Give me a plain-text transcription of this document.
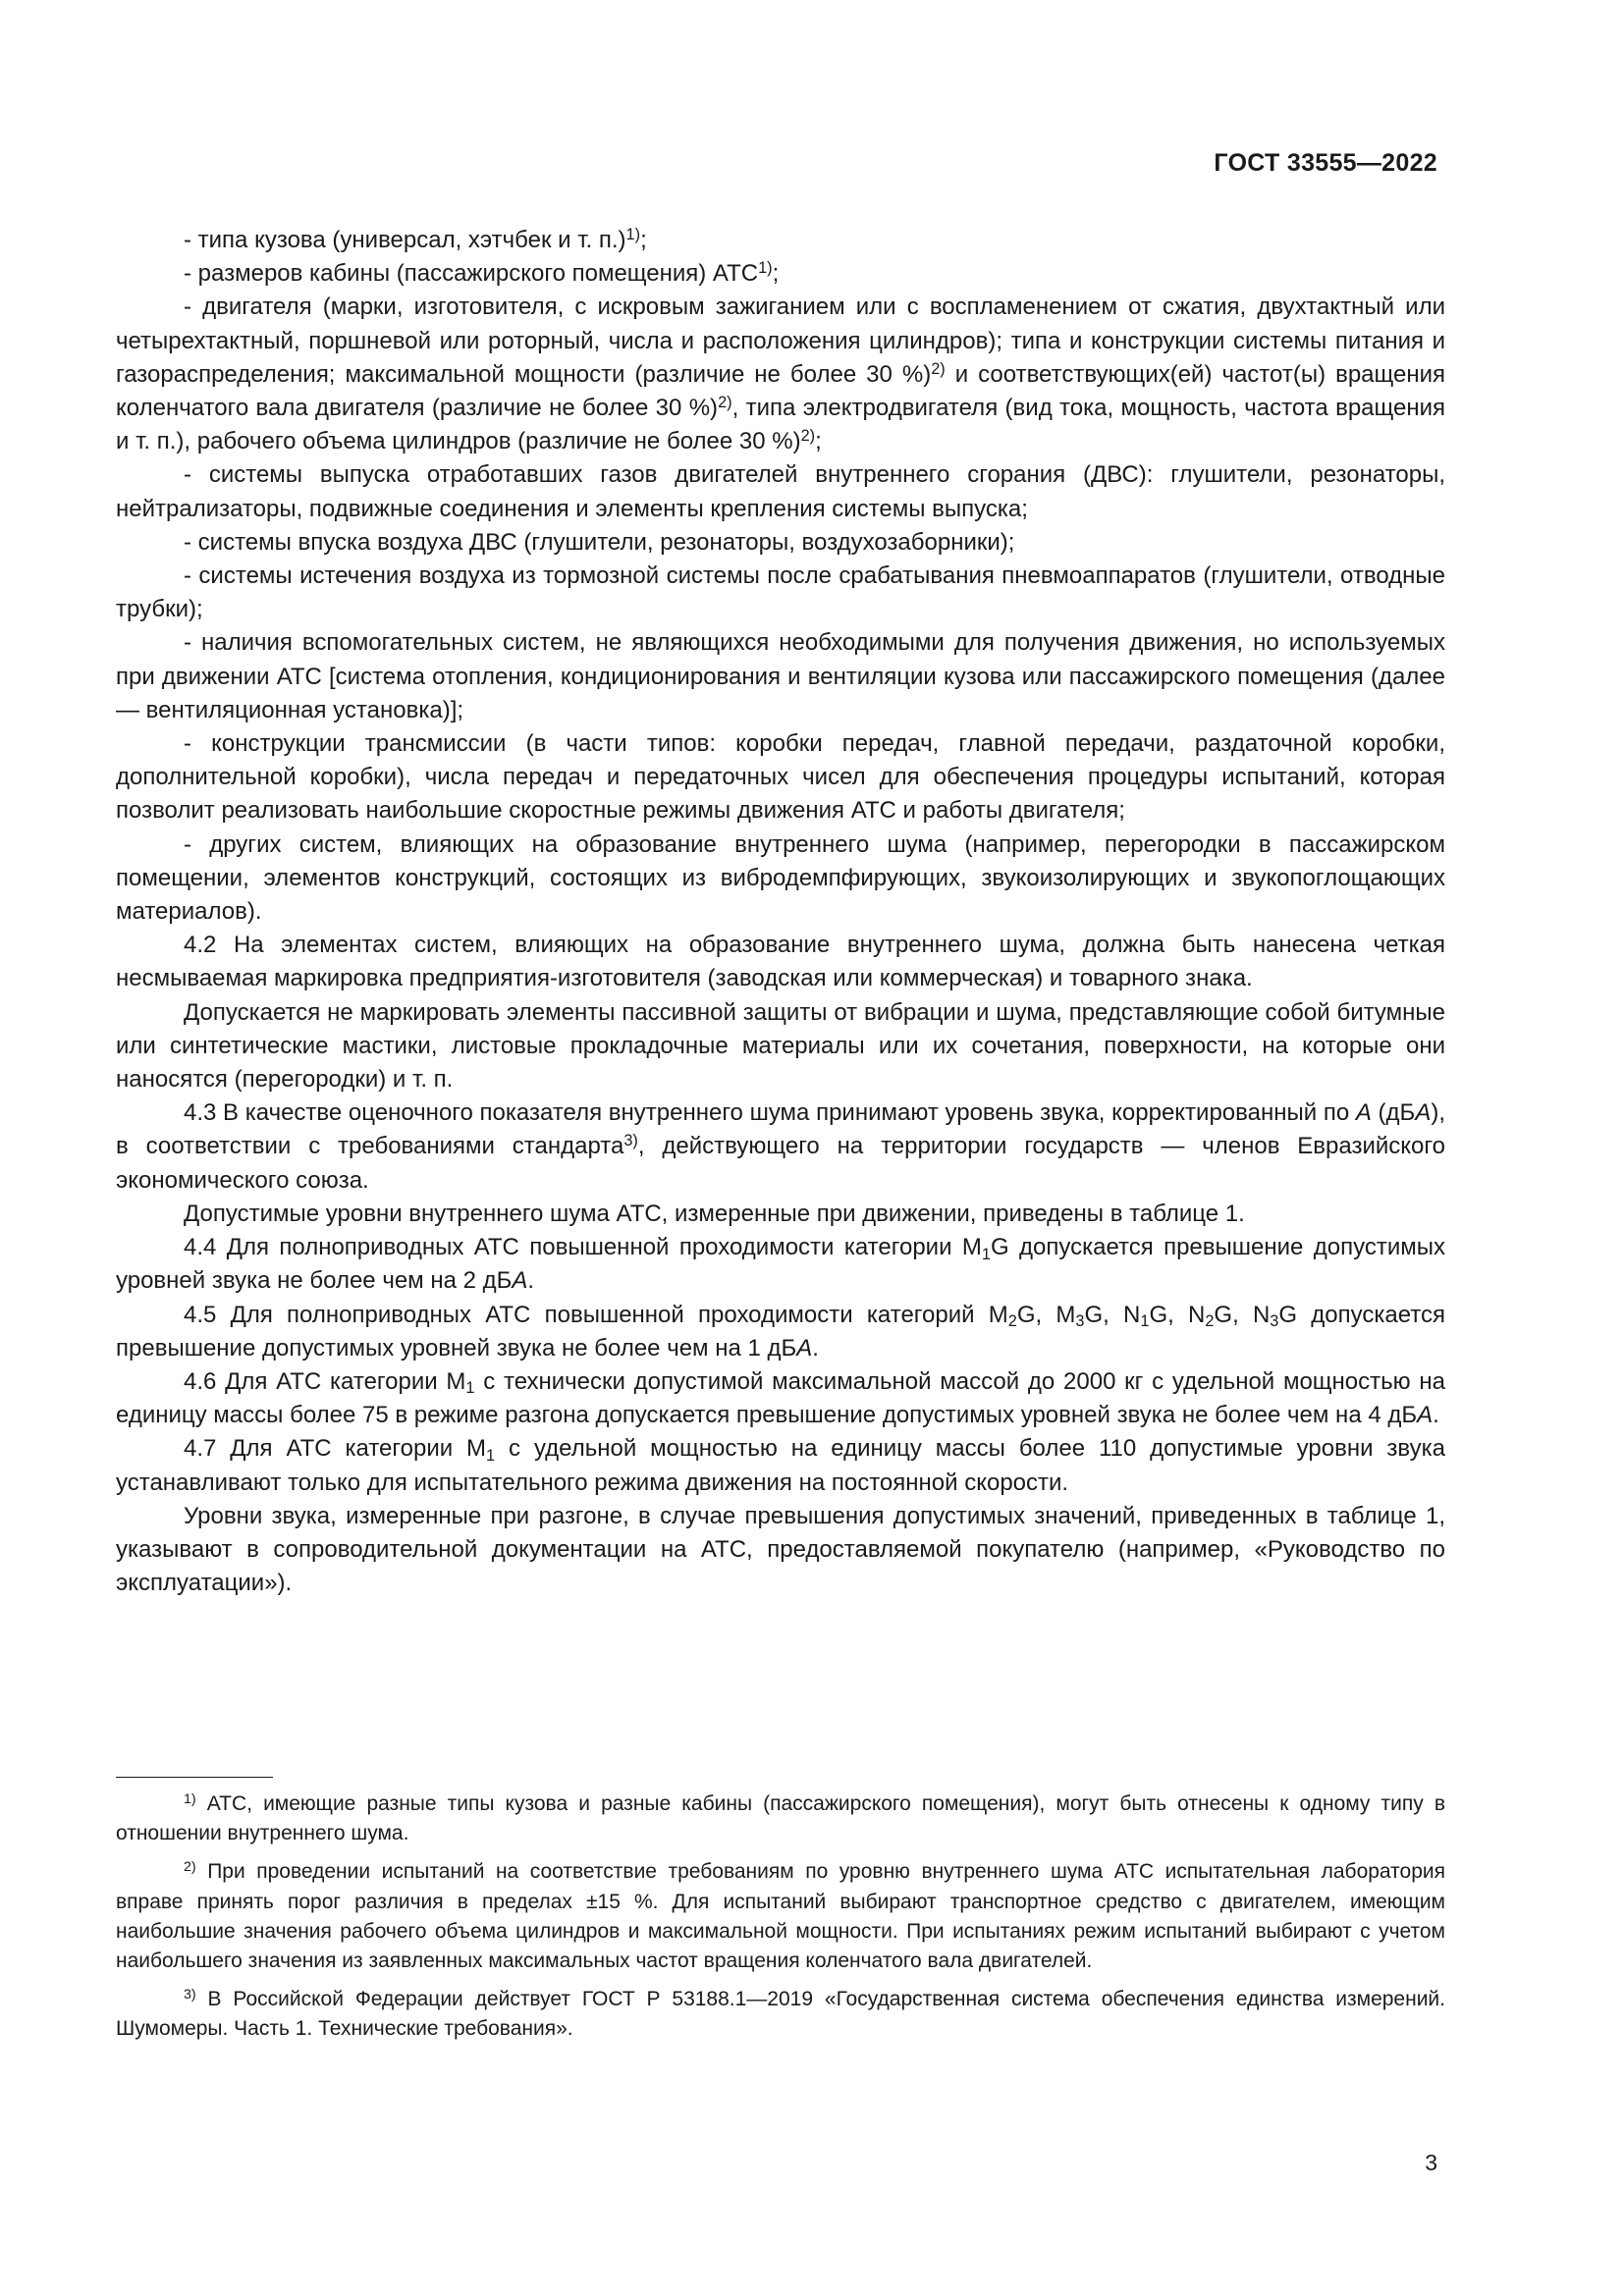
ГОСТ 33555—2022

- типа кузова (универсал, хэтчбек и т. п.)$^{1)}$;

- размеров кабины (пассажирского помещения) АТС$^{1)}$;

- двигателя (марки, изготовителя, с искровым зажиганием или с воспламенением от сжатия, двухтактный или четырехтактный, поршневой или роторный, числа и расположения цилиндров); типа и конструкции системы питания и газораспределения; максимальной мощности (различие не более 30 %)$^{2)}$ и соответствующих(ей) частот(ы) вращения коленчатого вала двигателя (различие не более 30 %)$^{2)}$, типа электродвигателя (вид тока, мощность, частота вращения и т. п.), рабочего объема цилиндров (различие не более 30 %)$^{2)}$;

- системы выпуска отработавших газов двигателей внутреннего сгорания (ДВС): глушители, резонаторы, нейтрализаторы, подвижные соединения и элементы крепления системы выпуска;

- системы впуска воздуха ДВС (глушители, резонаторы, воздухозаборники);

- системы истечения воздуха из тормозной системы после срабатывания пневмоаппаратов (глушители, отводные трубки);

- наличия вспомогательных систем, не являющихся необходимыми для получения движения, но используемых при движении АТС [система отопления, кондиционирования и вентиляции кузова или пассажирского помещения (далее — вентиляционная установка)];

- конструкции трансмиссии (в части типов: коробки передач, главной передачи, раздаточной коробки, дополнительной коробки), числа передач и передаточных чисел для обеспечения процедуры испытаний, которая позволит реализовать наибольшие скоростные режимы движения АТС и работы двигателя;

- других систем, влияющих на образование внутреннего шума (например, перегородки в пассажирском помещении, элементов конструкций, состоящих из вибродемпфирующих, звукоизолирующих и звукопоглощающих материалов).

4.2 На элементах систем, влияющих на образование внутреннего шума, должна быть нанесена четкая несмываемая маркировка предприятия-изготовителя (заводская или коммерческая) и товарного знака.

Допускается не маркировать элементы пассивной защиты от вибрации и шума, представляющие собой битумные или синтетические мастики, листовые прокладочные материалы или их сочетания, поверхности, на которые они наносятся (перегородки) и т. п.

4.3 В качестве оценочного показателя внутреннего шума принимают уровень звука, корректированный по A (дБA), в соответствии с требованиями стандарта$^{3)}$, действующего на территории государств — членов Евразийского экономического союза.

Допустимые уровни внутреннего шума АТС, измеренные при движении, приведены в таблице 1.

4.4 Для полноприводных АТС повышенной проходимости категории $M_1G$ допускается превышение допустимых уровней звука не более чем на 2 дБA.

4.5 Для полноприводных АТС повышенной проходимости категорий $M_2G$, $M_3G$, $N_1G$, $N_2G$, $N_3G$ допускается превышение допустимых уровней звука не более чем на 1 дБA.

4.6 Для АТС категории $M_1$ с технически допустимой максимальной массой до 2000 кг с удельной мощностью на единицу массы более 75 в режиме разгона допускается превышение допустимых уровней звука не более чем на 4 дБA.

4.7 Для АТС категории $M_1$ с удельной мощностью на единицу массы более 110 допустимые уровни звука устанавливают только для испытательного режима движения на постоянной скорости.

Уровни звука, измеренные при разгоне, в случае превышения допустимых значений, приведенных в таблице 1, указывают в сопроводительной документации на АТС, предоставляемой покупателю (например, «Руководство по эксплуатации»).

$^{1)}$ АТС, имеющие разные типы кузова и разные кабины (пассажирского помещения), могут быть отнесены к одному типу в отношении внутреннего шума.

$^{2)}$ При проведении испытаний на соответствие требованиям по уровню внутреннего шума АТС испытательная лаборатория вправе принять порог различия в пределах ±15 %. Для испытаний выбирают транспортное средство с двигателем, имеющим наибольшие значения рабочего объема цилиндров и максимальной мощности. При испытаниях режим испытаний выбирают с учетом наибольшего значения из заявленных максимальных частот вращения коленчатого вала двигателей.

$^{3)}$ В Российской Федерации действует ГОСТ Р 53188.1—2019 «Государственная система обеспечения единства измерений. Шумомеры. Часть 1. Технические требования».

3
